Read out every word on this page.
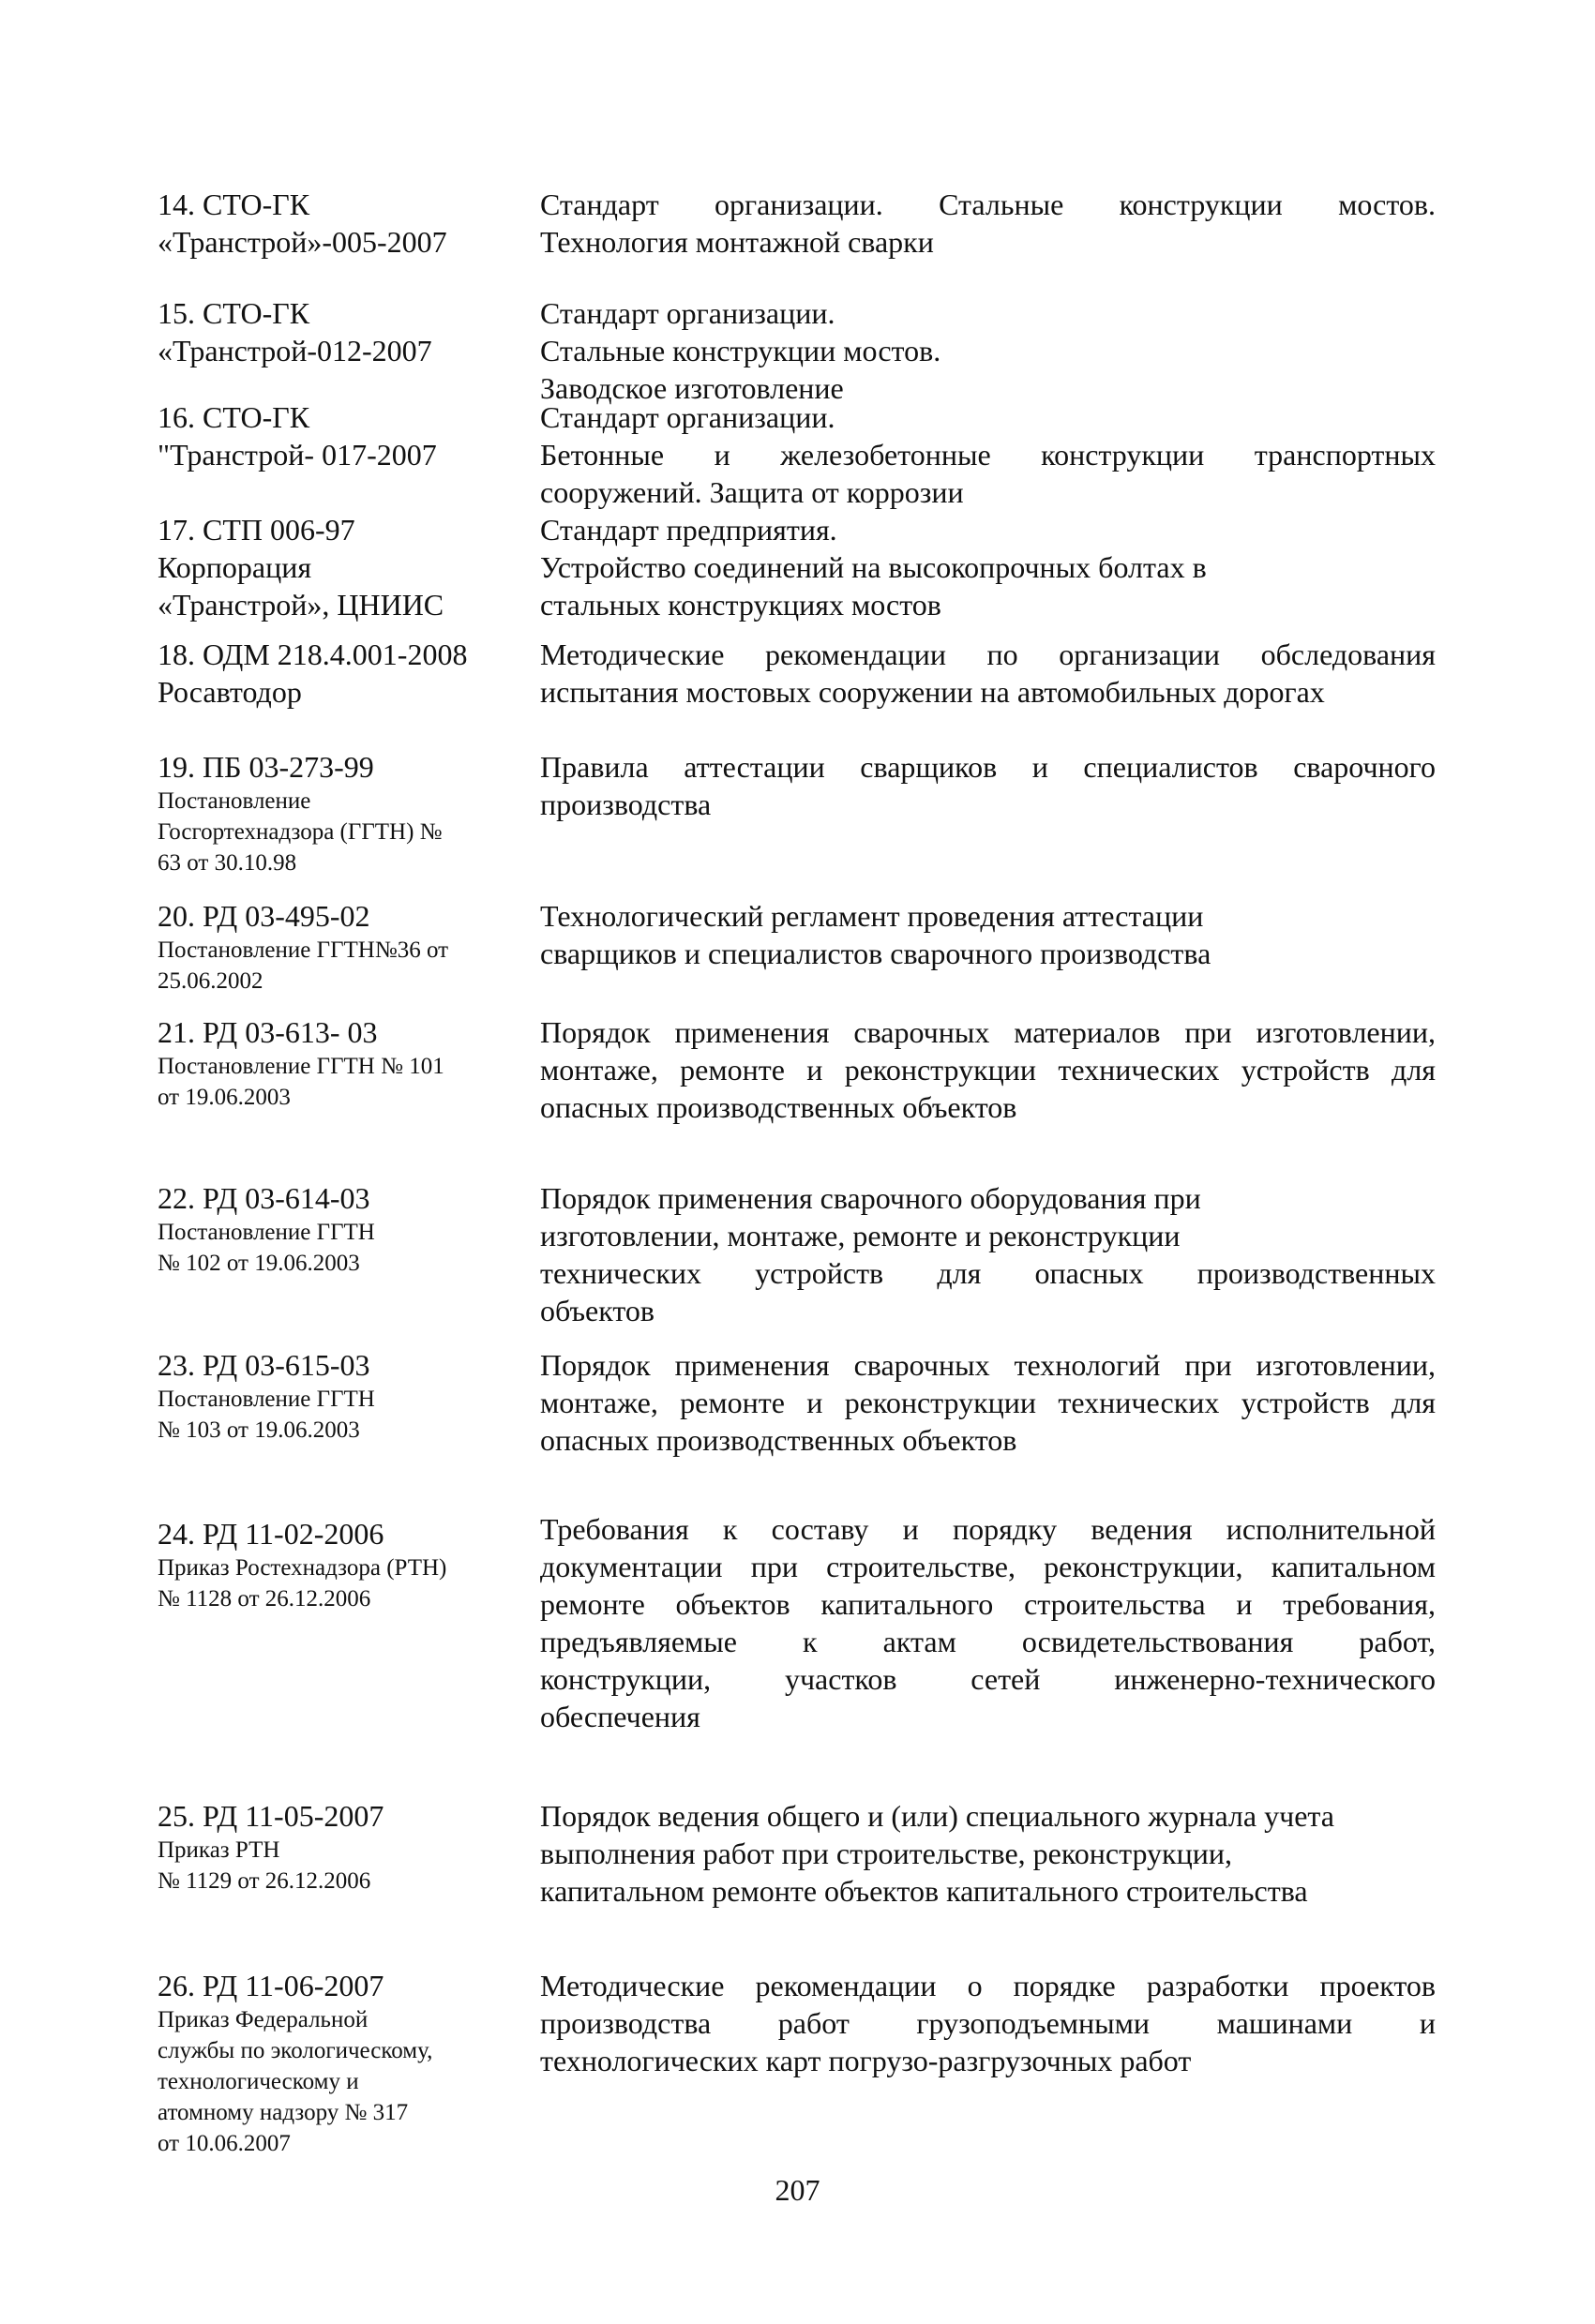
14. СТО-ГК
«Транстрой»-005-2007
Стандарт организации. Стальные конструкции мостов.
Технология монтажной сварки
15. СТО-ГК
«Транстрой-012-2007
Стандарт организации.
Стальные конструкции мостов.
Заводское изготовление
16. СТО-ГК
"Транстрой- 017-2007
Стандарт организации.
Бетонные и железобетонные конструкции транспортных
сооружений. Защита от коррозии
17. СТП 006-97
Корпорация
«Транстрой», ЦНИИС
Стандарт предприятия.
Устройство соединений на высокопрочных болтах в
стальных конструкциях мостов
18. ОДМ 218.4.001-2008
Росавтодор
Методические рекомендации по организации обследования
испытания мостовых сооружении на автомобильных дорогах
19. ПБ 03-273-99
Постановление
Госгортехнадзора (ГГТН) №
63 от 30.10.98
Правила аттестации сварщиков и специалистов сварочного
производства
20. РД 03-495-02
Постановление ГГТН№36 от
25.06.2002
Технологический регламент проведения аттестации
сварщиков и специалистов сварочного производства
21. РД 03-613- 03
Постановление ГГТН № 101
от 19.06.2003
Порядок применения сварочных материалов при изготовлении,
монтаже, ремонте и реконструкции технических устройств для
опасных производственных объектов
22. РД 03-614-03
Постановление ГГТН
№ 102 от 19.06.2003
Порядок применения сварочного оборудования при
изготовлении, монтаже, ремонте и реконструкции
технических устройств для опасных производственных
объектов
23. РД 03-615-03
Постановление ГГТН
№ 103 от 19.06.2003
Порядок применения сварочных технологий при изготовлении,
монтаже, ремонте и реконструкции технических устройств для
опасных производственных объектов
24. РД 11-02-2006
Приказ Ростехнадзора (РТН)
№ 1128 от 26.12.2006
Требования к составу и порядку ведения исполнительной
документации при строительстве, реконструкции, капитальном
ремонте объектов капитального строительства и требования,
предъявляемые к актам освидетельствования работ,
конструкции, участков сетей инженерно-технического
обеспечения
25. РД 11-05-2007
Приказ РТН
№ 1129 от 26.12.2006
Порядок ведения общего и (или) специального журнала учета
выполнения работ при строительстве, реконструкции,
капитальном ремонте объектов капитального строительства
26. РД 11-06-2007
Приказ Федеральной
службы по экологическому,
технологическому и
атомному надзору № 317
от 10.06.2007
Методические рекомендации о порядке разработки проектов
производства работ грузоподъемными машинами и
технологических карт погрузо-разгрузочных работ
207
